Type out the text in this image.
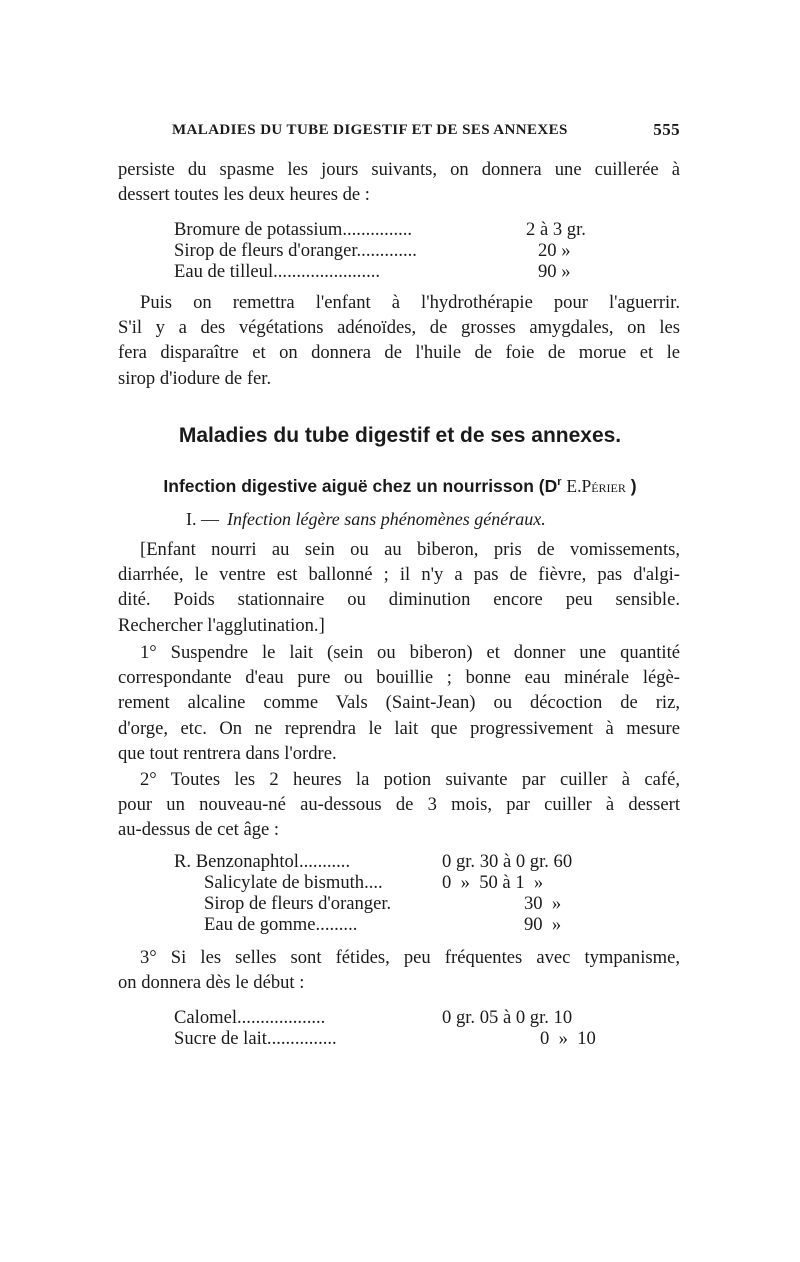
MALADIES DU TUBE DIGESTIF ET DE SES ANNEXES	555

persiste du spasme les jours suivants, on donnera une cuillerée à

dessert toutes les deux heures de :

Bromure de potassium...............	2 à 3 gr.
Sirop de fleurs d'oranger.............	20 »
Eau de tilleul.......................	90 »

Puis on remettra l'enfant à l'hydrothérapie pour l'aguerrir.

S'il y a des végétations adénoïdes, de grosses amygdales, on les

fera disparaître et on donnera de l'huile de foie de morue et le

sirop d'iodure de fer.

Maladies du tube digestif et de ses annexes.
Infection digestive aiguë chez un nourrisson ($D^r$ E.Périer )
I. — Infection légère sans phénomènes généraux.

[Enfant nourri au sein ou au biberon, pris de vomissements,

diarrhée, le ventre est ballonné ; il n'y a pas de fièvre, pas d'algi-

dité. Poids stationnaire ou diminution encore peu sensible.

Rechercher l'agglutination.]

1° Suspendre le lait (sein ou biberon) et donner une quantité

correspondante d'eau pure ou bouillie ; bonne eau minérale légè-

rement alcaline comme Vals (Saint-Jean) ou décoction de riz,

d'orge, etc. On ne reprendra le lait que progressivement à mesure

que tout rentrera dans l'ordre.

2° Toutes les 2 heures la potion suivante par cuiller à café,

pour un nouveau-né au-dessous de 3 mois, par cuiller à dessert

au-dessus de cet âge :

R. Benzonaphtol...........	0 gr. 30 à 0 gr. 60
Salicylate de bismuth....	0  »  50 à 1  »
Sirop de fleurs d'oranger.	30  »
Eau de gomme.........	90  »

3° Si les selles sont fétides, peu fréquentes avec tympanisme,

on donnera dès le début :

Calomel...................	0 gr. 05 à 0 gr. 10
Sucre de lait...............	0  »  10
